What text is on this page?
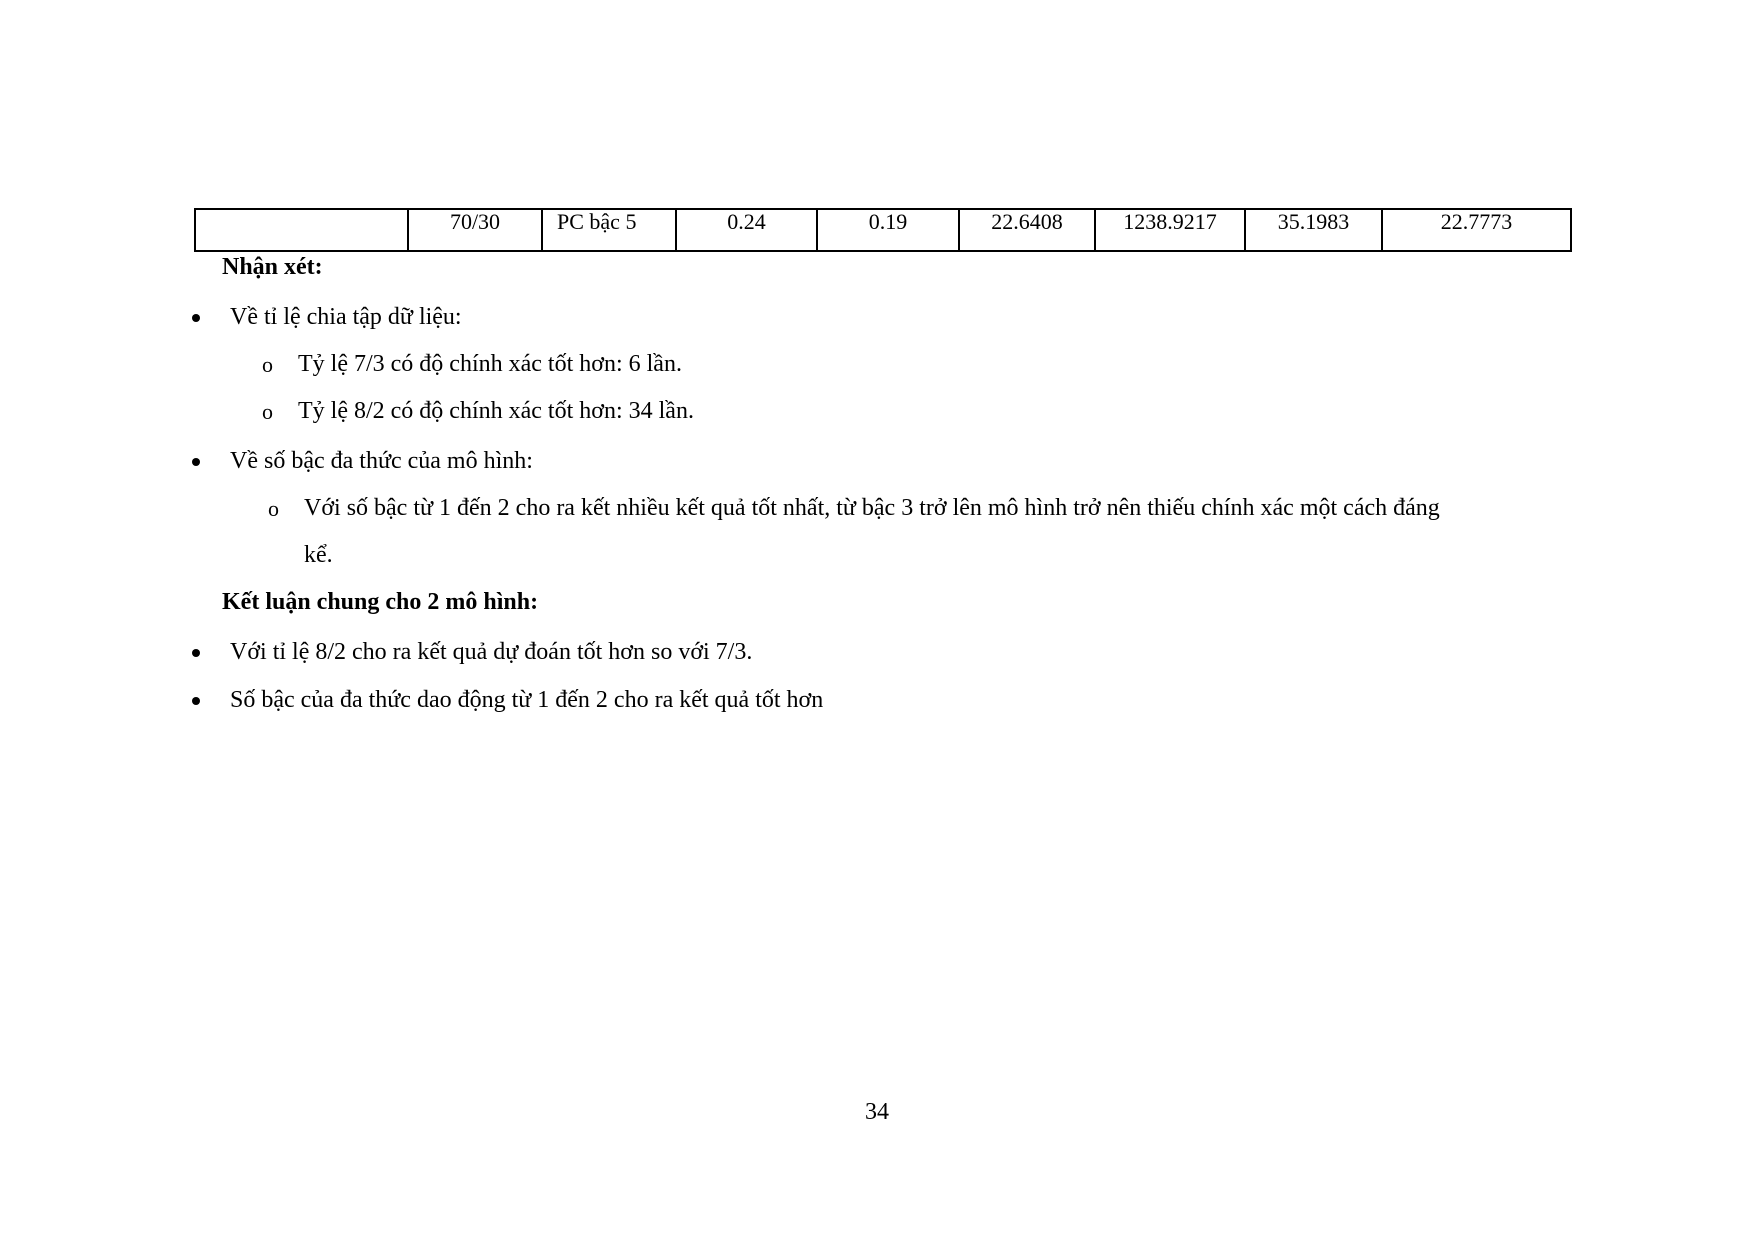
	70/30	PC bậc 5	0.24	0.19	22.6408	1238.9217	35.1983	22.7773
Nhận xét:
Về tỉ lệ chia tập dữ liệu:
o Tỷ lệ 7/3 có độ chính xác tốt hơn: 6 lần.
o Tỷ lệ 8/2 có độ chính xác tốt hơn: 34 lần.
Về số bậc đa thức của mô hình:
o Với số bậc từ 1 đến 2 cho ra kết nhiều kết quả tốt nhất, từ bậc 3 trở lên mô hình trở nên thiếu chính xác một cách đáng
kể.
Kết luận chung cho 2 mô hình:
Với tỉ lệ 8/2 cho ra kết quả dự đoán tốt hơn so với 7/3.
Số bậc của đa thức dao động từ 1 đến 2 cho ra kết quả tốt hơn
34
